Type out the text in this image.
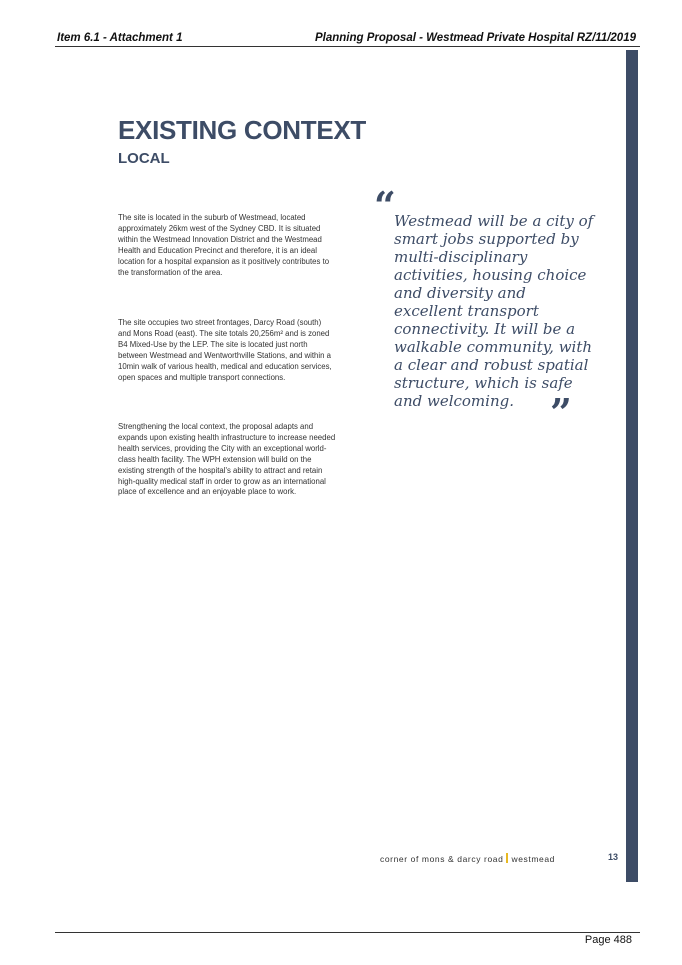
Item 6.1 - Attachment 1	Planning Proposal - Westmead Private Hospital RZ/11/2019
EXISTING CONTEXT
LOCAL
The site is located in the suburb of Westmead, located approximately 26km west of the Sydney CBD. It is situated within the Westmead Innovation District and the Westmead Health and Education Precinct and therefore, it is an ideal location for a hospital expansion as it positively contributes to the transformation of the area.
The site occupies two street frontages, Darcy Road (south) and Mons Road (east). The site totals 20,256m² and is zoned B4 Mixed-Use by the LEP. The site is located just north between Westmead and Wentworthville Stations, and within a 10min walk of various health, medical and education services, open spaces and multiple transport connections.
Strengthening the local context, the proposal adapts and expands upon existing health infrastructure to increase needed health services, providing the City with an exceptional world-class health facility. The WPH extension will build on the existing strength of the hospital's ability to attract and retain high-quality medical staff in order to grow as an international place of excellence and an enjoyable place to work.
“
Westmead will be a city of smart jobs supported by multi-disciplinary activities, housing choice and diversity and excellent transport connectivity. It will be a walkable community, with a clear and robust spatial structure, which is safe and welcoming. ”
corner of mons & darcy road westmead	13
Page 488
